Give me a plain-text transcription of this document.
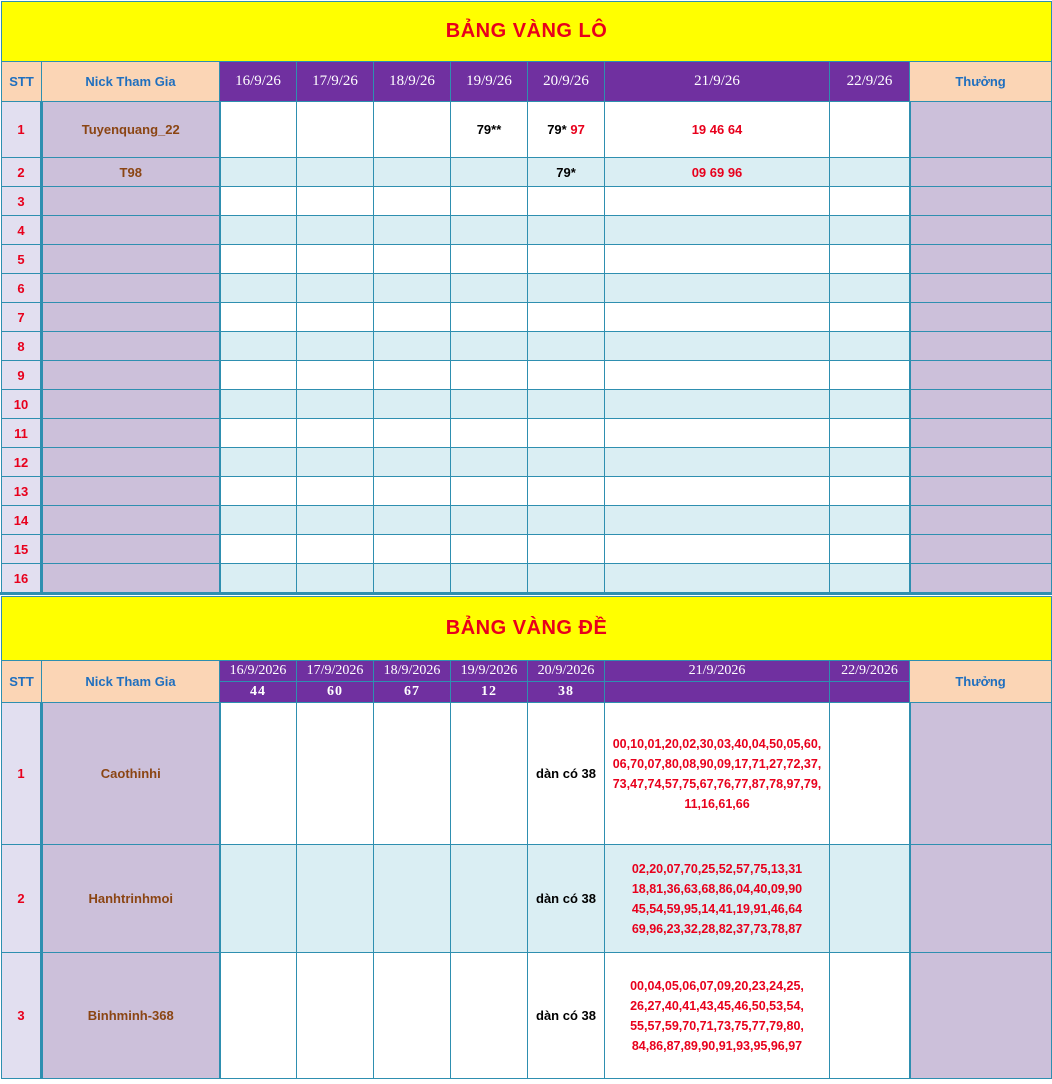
BẢNG VÀNG LÔ									
STT	Nick Tham Gia	16/9/26	17/9/26	18/9/26	19/9/26	20/9/26	21/9/26	22/9/26	Thưởng
1	Tuyenquang_22				79**	79* 97	19 46 64		
2	T98					79*	09 69 96		
3									
4									
5									
6									
7									
8									
9									
10									
11									
12									
13									
14									
15									
16									
BẢNG VÀNG ĐỀ									
STT	Nick Tham Gia	16/9/2026	17/9/2026	18/9/2026	19/9/2026	20/9/2026	21/9/2026	22/9/2026	Thưởng
		44	60	67	12	38			
1	Caothinhi					dàn có 38	00,10,01,20,02,30,03,40,04,50,05,60,
06,70,07,80,08,90,09,17,71,27,72,37,
73,47,74,57,75,67,76,77,87,78,97,79,
11,16,61,66		

2	Hanhtrinhmoi					dàn có 38	02,20,07,70,25,52,57,75,13,31
18,81,36,63,68,86,04,40,09,90
45,54,59,95,14,41,19,91,46,64
69,96,23,32,28,82,37,73,78,87		

3	Binhminh-368					dàn có 38	00,04,05,06,07,09,20,23,24,25,
26,27,40,41,43,45,46,50,53,54,
55,57,59,70,71,73,75,77,79,80,
84,86,87,89,90,91,93,95,96,97		
